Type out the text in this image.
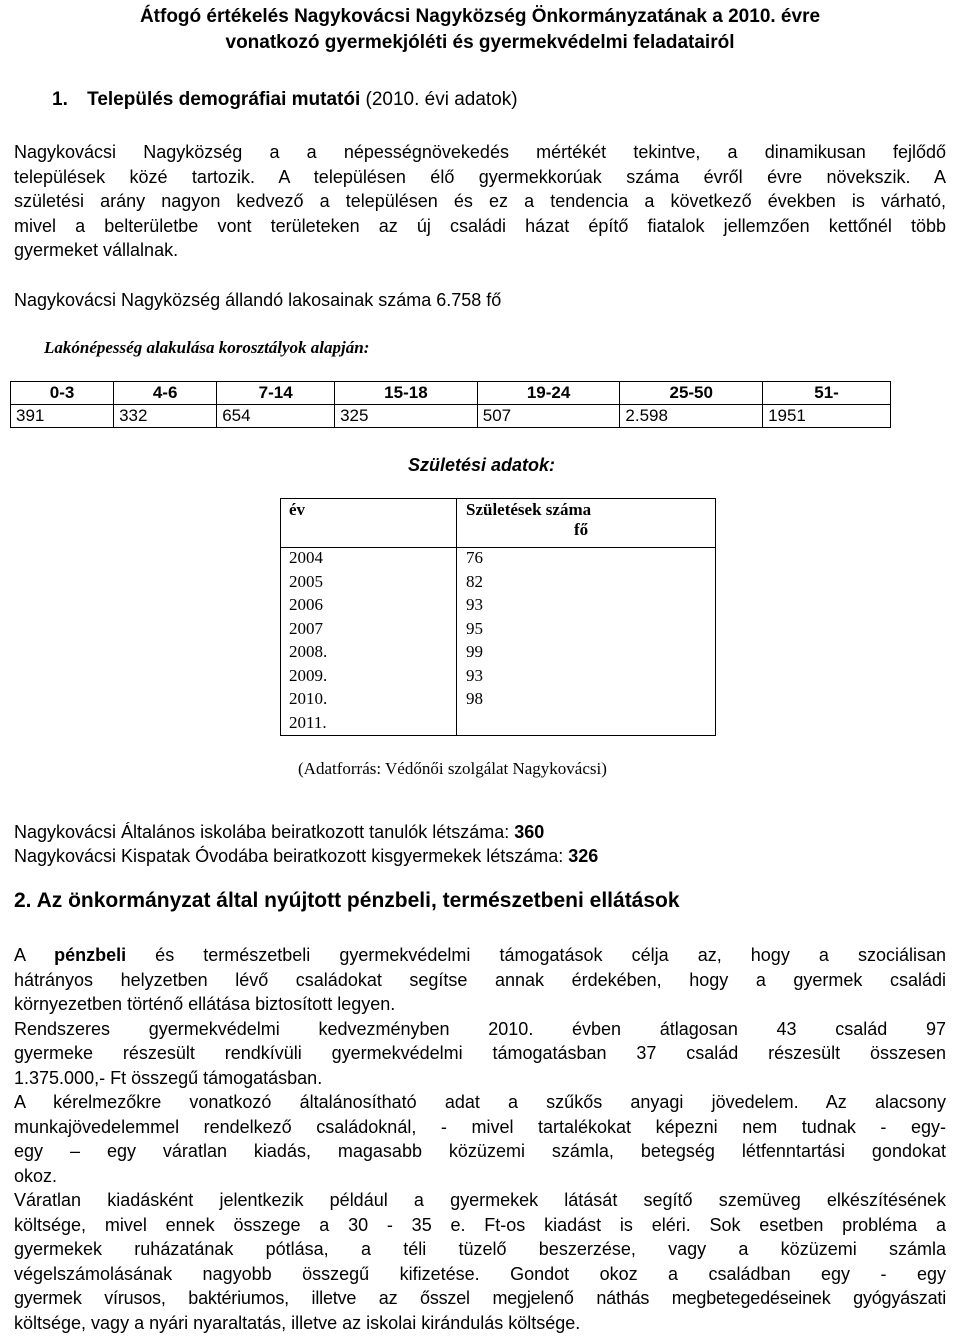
Átfogó értékelés Nagykovácsi Nagyközség Önkormányzatának a 2010. évre
vonatkozó gyermekjóléti és gyermekvédelmi feladatairól
1. Település demográfiai mutatói (2010. évi adatok)
Nagykovácsi Nagyközség a a népességnövekedés mértékét tekintve, a dinamikusan fejlődő
települések közé tartozik. A településen élő gyermekkorúak száma évről évre növekszik. A
születési arány nagyon kedvező a településen és ez a tendencia a következő években is várható,
mivel a belterületbe vont területeken az új családi házat építő fiatalok jellemzően kettőnél több
gyermeket vállalnak.
Nagykovácsi Nagyközség állandó lakosainak száma 6.758 fő
Lakónépesség alakulása korosztályok alapján:
0-3	4-6	7-14	15-18	19-24	25-50	51-
391	332	654	325	507	2.598	1951
Születési adatok:
év	Születések száma
fő

2004	76
2005	82
2006	93
2007	95
2008.	99
2009.	93
2010.	98
2011.	
(Adatforrás: Védőnői szolgálat Nagykovácsi)
Nagykovácsi Általános iskolába beiratkozott tanulók létszáma: 360
Nagykovácsi Kispatak Óvodába beiratkozott kisgyermekek létszáma: 326
2. Az önkormányzat által nyújtott pénzbeli, természetbeni ellátások
A pénzbeli és természetbeli gyermekvédelmi támogatások célja az, hogy a szociálisan
hátrányos helyzetben lévő családokat segítse annak érdekében, hogy a gyermek családi
környezetben történő ellátása biztosított legyen.
Rendszeres gyermekvédelmi kedvezményben 2010. évben átlagosan 43 család 97
gyermeke részesült rendkívüli gyermekvédelmi támogatásban 37 család részesült összesen
1.375.000,- Ft összegű támogatásban.
A kérelmezőkre vonatkozó általánosítható adat a szűkős anyagi jövedelem. Az alacsony
munkajövedelemmel rendelkező családoknál, - mivel tartalékokat képezni nem tudnak - egy-
egy – egy váratlan kiadás, magasabb közüzemi számla, betegség létfenntartási gondokat
okoz.
Váratlan kiadásként jelentkezik például a gyermekek látását segítő szemüveg elkészítésének
költsége, mivel ennek összege a 30 - 35 e. Ft-os kiadást is eléri. Sok esetben probléma a
gyermekek ruházatának pótlása, a téli tüzelő beszerzése, vagy a közüzemi számla
végelszámolásának nagyobb összegű kifizetése. Gondot okoz a családban egy - egy
gyermek vírusos, baktériumos, illetve az ősszel megjelenő náthás megbetegedéseinek gyógyászati
költsége, vagy a nyári nyaraltatás, illetve az iskolai kirándulás költsége.
